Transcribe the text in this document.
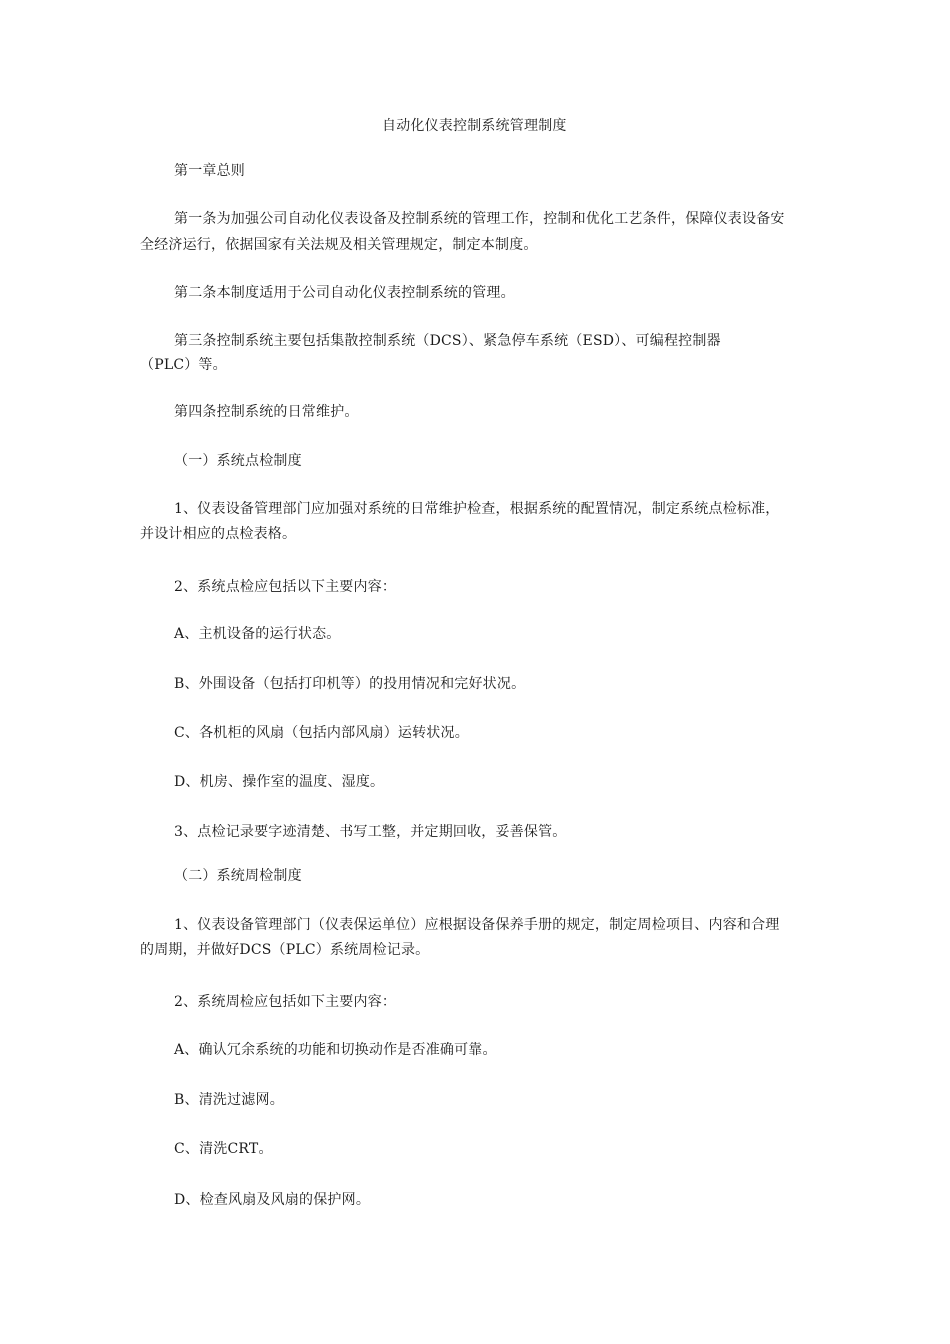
自动化仪表控制系统管理制度
第一章总则
第一条为加强公司自动化仪表设备及控制系统的管理工作，控制和优化工艺条件，保障仪表设备安
全经济运行，依据国家有关法规及相关管理规定，制定本制度。
第二条本制度适用于公司自动化仪表控制系统的管理。
第三条控制系统主要包括集散控制系统（DCS）、紧急停车系统（ESD）、可编程控制器
（PLC）等。
第四条控制系统的日常维护。
（一）系统点检制度
1、仪表设备管理部门应加强对系统的日常维护检查，根据系统的配置情况，制定系统点检标准，
并设计相应的点检表格。
2、系统点检应包括以下主要内容：
A、主机设备的运行状态。
B、外围设备（包括打印机等）的投用情况和完好状况。
C、各机柜的风扇（包括内部风扇）运转状况。
D、机房、操作室的温度、湿度。
3、点检记录要字迹清楚、书写工整，并定期回收，妥善保管。
（二）系统周检制度
1、仪表设备管理部门（仪表保运单位）应根据设备保养手册的规定，制定周检项目、内容和合理
的周期，并做好DCS（PLC）系统周检记录。
2、系统周检应包括如下主要内容：
A、确认冗余系统的功能和切换动作是否准确可靠。
B、清洗过滤网。
C、清洗CRT。
D、检查风扇及风扇的保护网。
